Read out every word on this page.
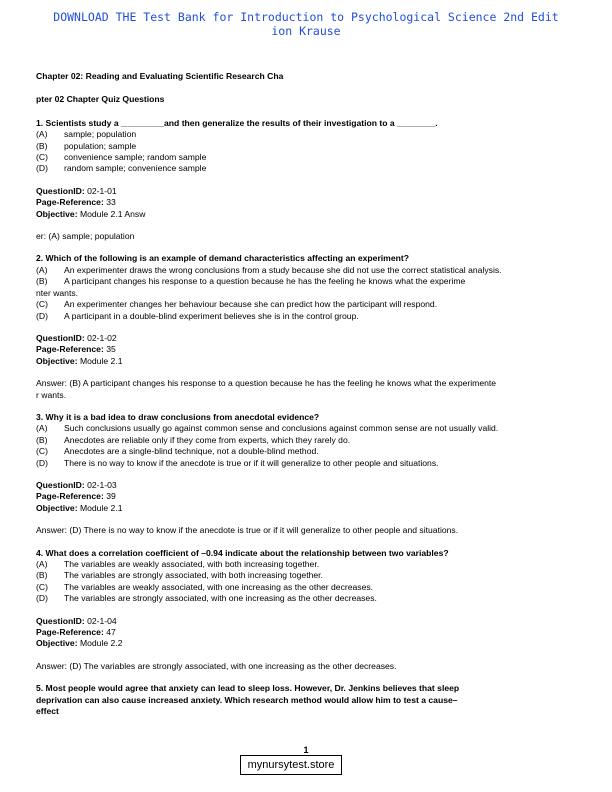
DOWNLOAD THE Test Bank for Introduction to Psychological Science 2nd Edit
ion Krause

Chapter 02: Reading and Evaluating Scientific Research Cha

pter 02 Chapter Quiz Questions

1. Scientists study a _________and then generalize the results of their investigation to a ________.

(A)	sample; population
(B)	population; sample
(C)	convenience sample; random sample
(D)	random sample; convenience sample

QuestionID: 02-1-01

Page-Reference: 33

Objective: Module 2.1 Answ

er: (A) sample; population

2. Which of the following is an example of demand characteristics affecting an experiment?

(A)	An experimenter draws the wrong conclusions from a study because she did not use the correct statistical analysis.
(B)	A participant changes his response to a question because he has the feeling he knows what the experime

nter wants.

(C)	An experimenter changes her behaviour because she can predict how the participant will respond.
(D)	A participant in a double-blind experiment believes she is in the control group.

QuestionID: 02-1-02

Page-Reference: 35

Objective: Module 2.1

Answer: (B) A participant changes his response to a question because he has the feeling he knows what the experimente

r wants.

3. Why it is a bad idea to draw conclusions from anecdotal evidence?

(A)	Such conclusions usually go against common sense and conclusions against common sense are not usually valid.
(B)	Anecdotes are reliable only if they come from experts, which they rarely do.
(C)	Anecdotes are a single-blind technique, not a double-blind method.
(D)	There is no way to know if the anecdote is true or if it will generalize to other people and situations.

QuestionID: 02-1-03

Page-Reference: 39

Objective: Module 2.1

Answer: (D) There is no way to know if the anecdote is true or if it will generalize to other people and situations.

4. What does a correlation coefficient of –0.94 indicate about the relationship between two variables?

(A)	The variables are weakly associated, with both increasing together.
(B)	The variables are strongly associated, with both increasing together.
(C)	The variables are weakly associated, with one increasing as the other decreases.
(D)	The variables are strongly associated, with one increasing as the other decreases.

QuestionID: 02-1-04

Page-Reference: 47

Objective: Module 2.2

Answer: (D) The variables are strongly associated, with one increasing as the other decreases.

5. Most people would agree that anxiety can lead to sleep loss. However, Dr. Jenkins believes that sleep

deprivation can also cause increased anxiety. Which research method would allow him to test a cause–

effect

1
mynursytest.store
